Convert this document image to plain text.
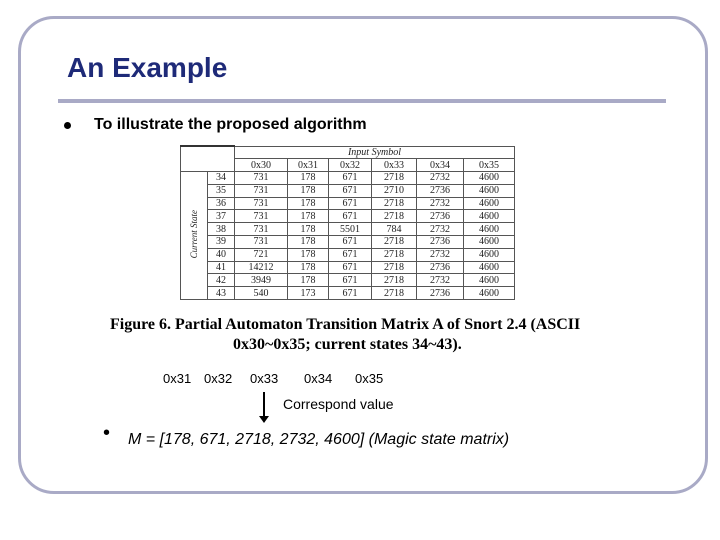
An Example
To illustrate the proposed algorithm
		Input Symbol					
		0x30	0x31	0x32	0x33	0x34	0x35
Current State	34	731	178	671	2718	2732	4600
	35	731	178	671	2710	2736	4600
	36	731	178	671	2718	2732	4600
	37	731	178	671	2718	2736	4600
	38	731	178	5501	784	2732	4600
	39	731	178	671	2718	2736	4600
	40	721	178	671	2718	2732	4600
	41	14212	178	671	2718	2736	4600
	42	3949	178	671	2718	2732	4600
	43	540	173	671	2718	2736	4600
Figure 6. Partial Automaton Transition Matrix A of Snort 2.4 (ASCII
0x30~0x35; current states 34~43).
0x31 0x32 0x33 0x34 0x35
Correspond value
• M = [178, 671, 2718, 2732, 4600] (Magic state matrix)
